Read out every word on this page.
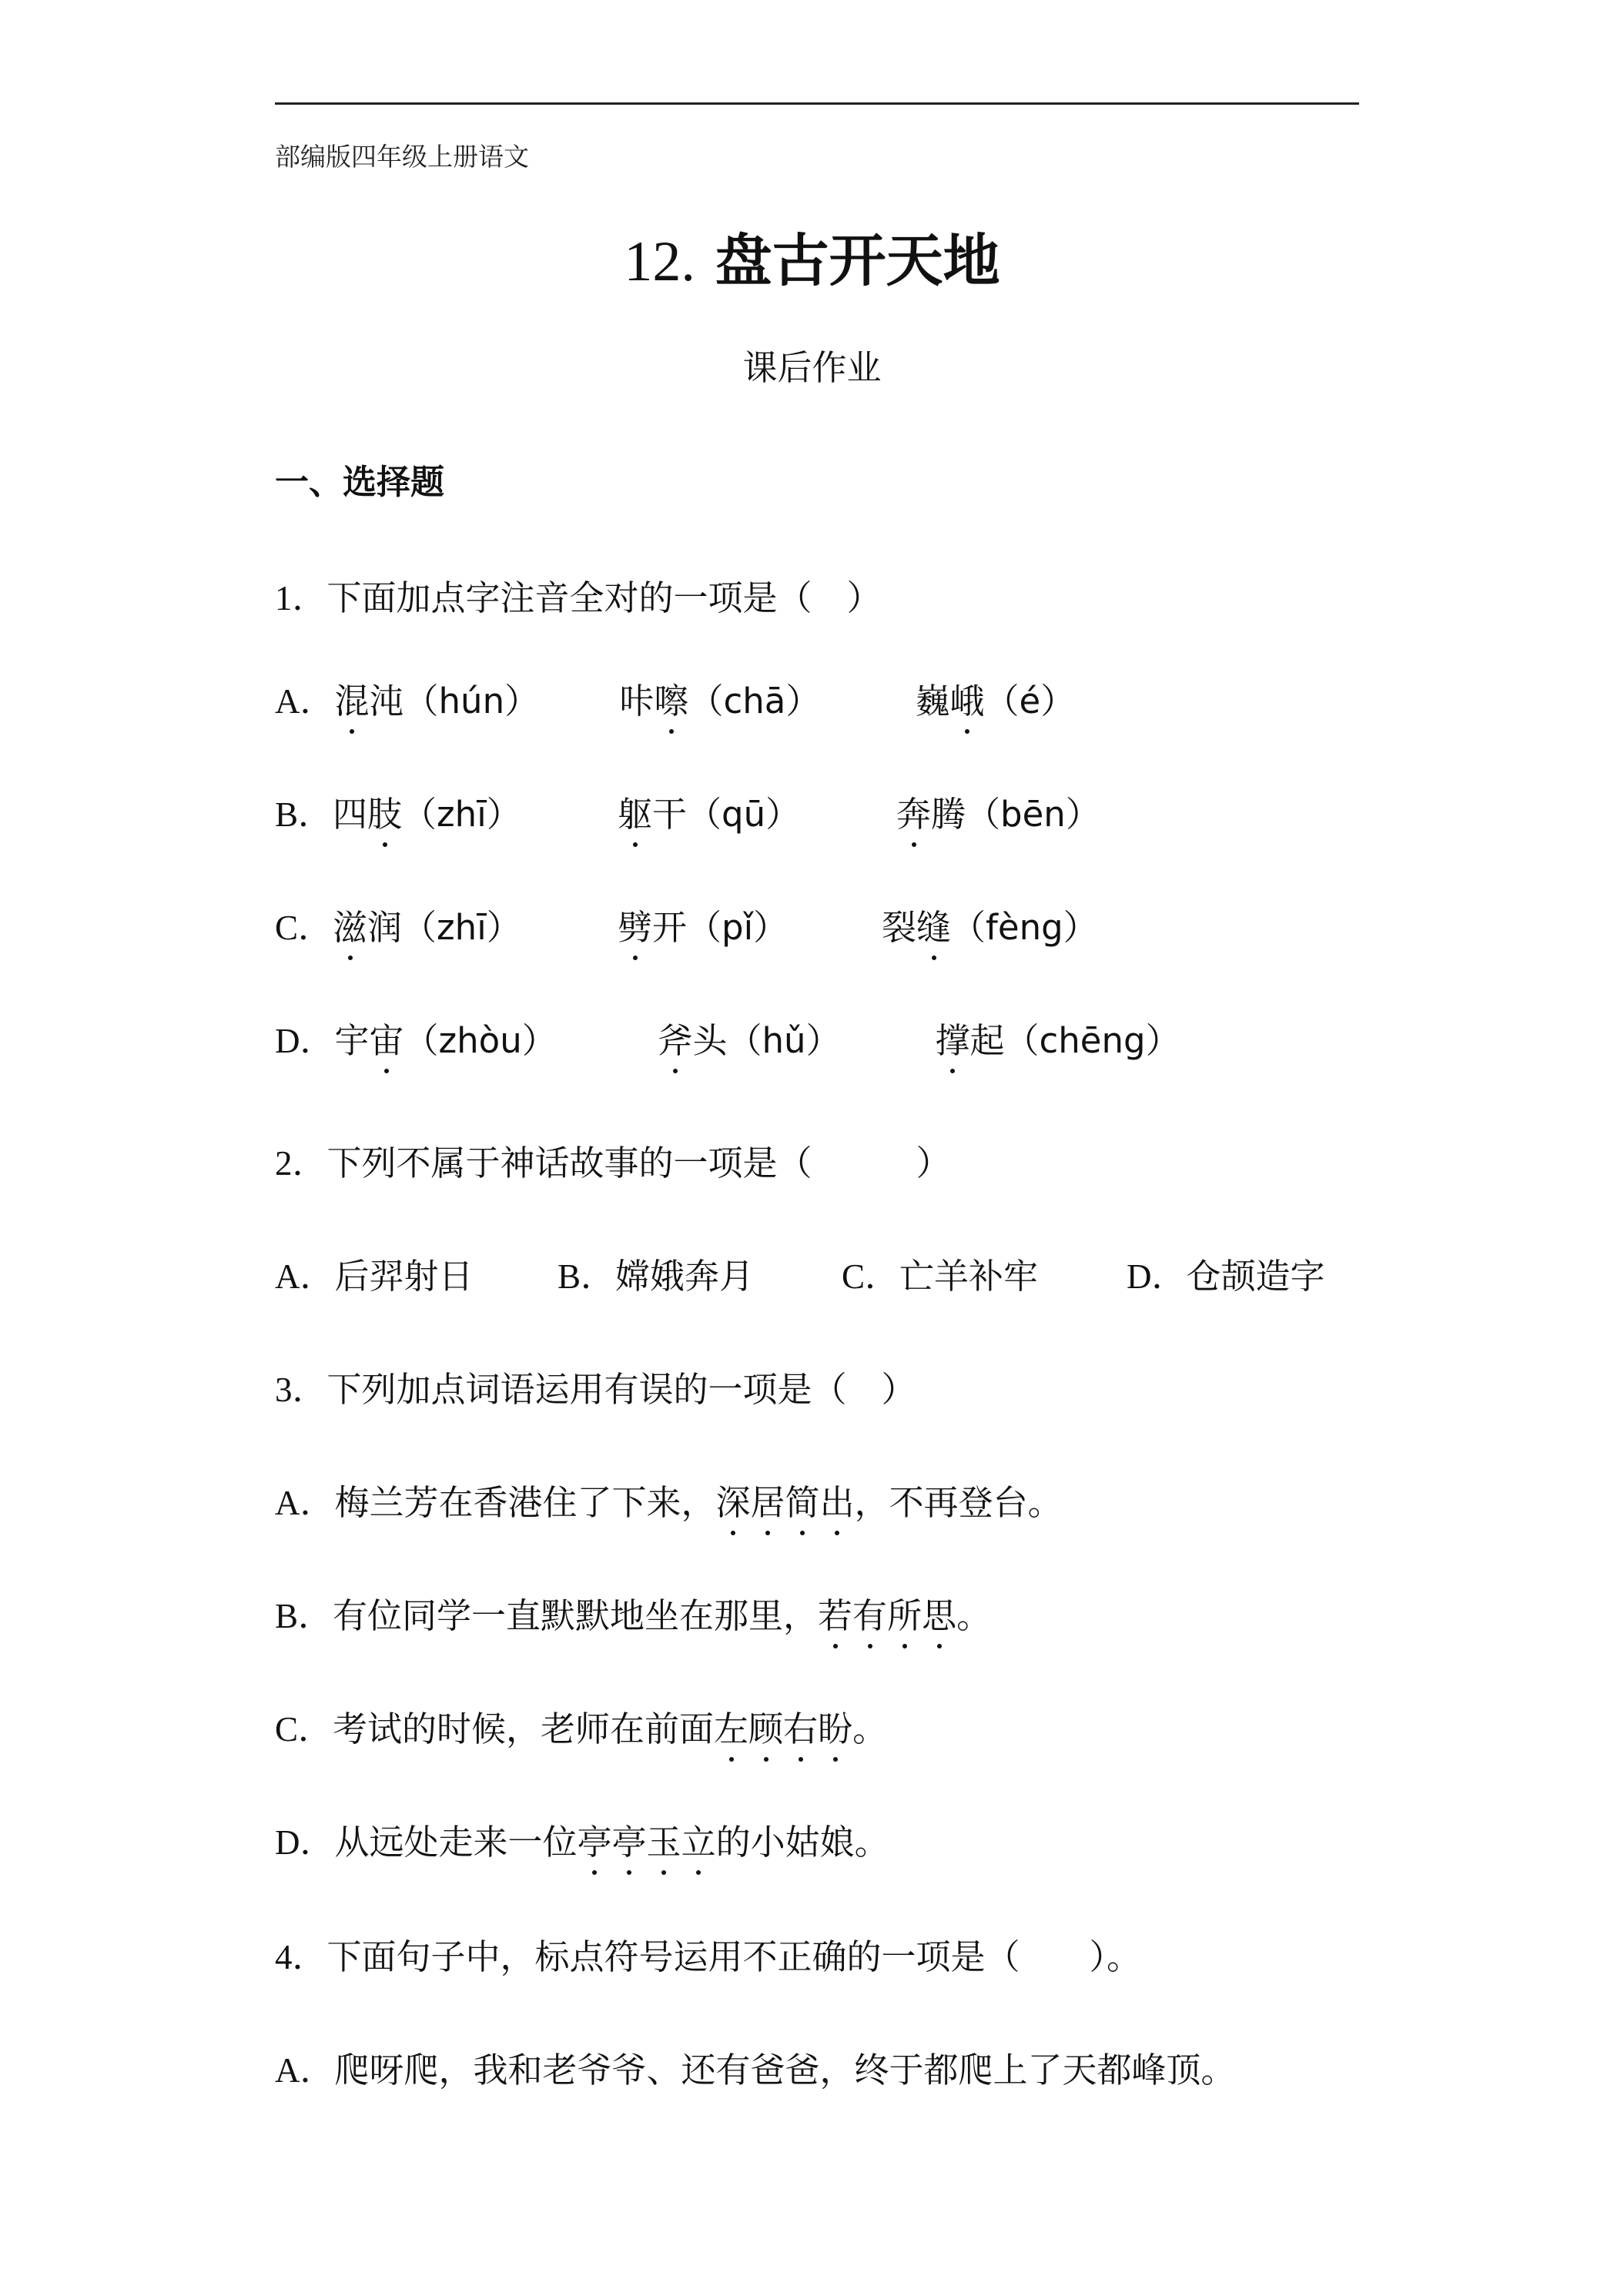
部编版四年级上册语文
12. 盘古开天地
课后作业
一、选择题
1．下面加点字注音全对的一项是（　）
A．混沌（hún） 咔嚓（chā）	巍峨（é）
B．四肢（zhī）	躯干（qū）	奔腾（bēn）
C．滋润（zhī）	劈开（pǐ）	裂缝（fèng）
D．宇宙（zhòu）	斧头（hǔ）	撑起（chēng）
2．下列不属于神话故事的一项是（　　　）
A．后羿射日 B．嫦娥奔月	C．亡羊补牢	D．仓颉造字
3．下列加点词语运用有误的一项是（　）
A．梅兰芳在香港住了下来，深居简出，不再登台。
B．有位同学一直默默地坐在那里，若有所思。
C．考试的时候，老师在前面左顾右盼。
D．从远处走来一位亭亭玉立的小姑娘。
4．下面句子中，标点符号运用不正确的一项是（　　）。
A．爬呀爬，我和老爷爷、还有爸爸，终于都爬上了天都峰顶。
